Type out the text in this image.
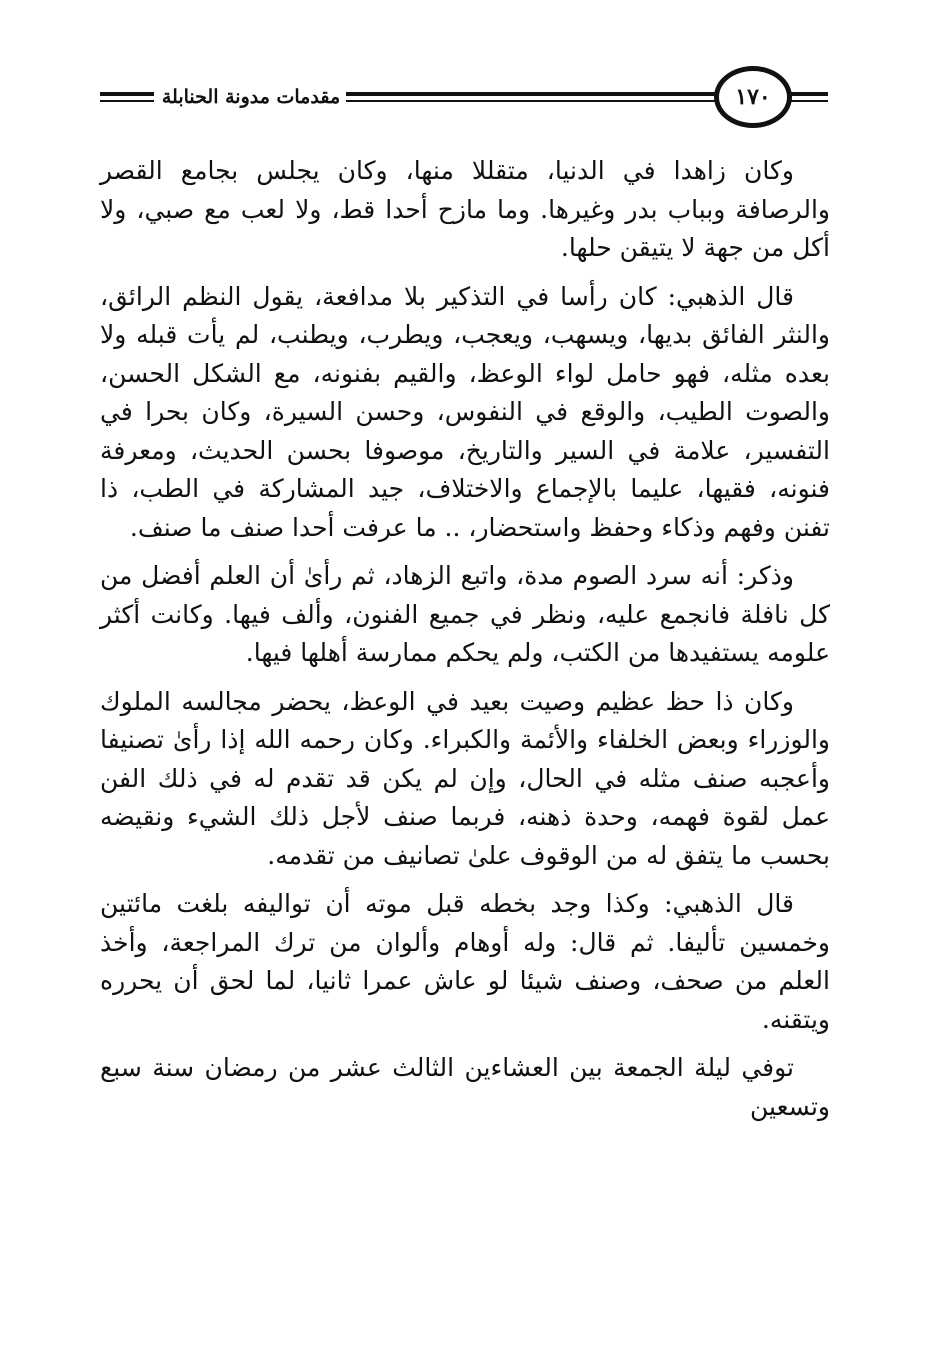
مقدمات مدونة الحنابلة	١٧٠

وكان زاهدا في الدنيا، متقللا منها، وكان يجلس بجامع القصر والرصافة وبباب بدر وغيرها. وما مازح أحدا قط، ولا لعب مع صبي، ولا أكل من جهة لا يتيقن حلها.

قال الذهبي: كان رأسا في التذكير بلا مدافعة، يقول النظم الرائق، والنثر الفائق بديها، ويسهب، ويعجب، ويطرب، ويطنب، لم يأت قبله ولا بعده مثله، فهو حامل لواء الوعظ، والقيم بفنونه، مع الشكل الحسن، والصوت الطيب، والوقع في النفوس، وحسن السيرة، وكان بحرا في التفسير، علامة في السير والتاريخ، موصوفا بحسن الحديث، ومعرفة فنونه، فقيها، عليما بالإجماع والاختلاف، جيد المشاركة في الطب، ذا تفنن وفهم وذكاء وحفظ واستحضار، .. ما عرفت أحدا صنف ما صنف.

وذكر: أنه سرد الصوم مدة، واتبع الزهاد، ثم رأىٰ أن العلم أفضل من كل نافلة فانجمع عليه، ونظر في جميع الفنون، وألف فيها. وكانت أكثر علومه يستفيدها من الكتب، ولم يحكم ممارسة أهلها فيها.

وكان ذا حظ عظيم وصيت بعيد في الوعظ، يحضر مجالسه الملوك والوزراء وبعض الخلفاء والأئمة والكبراء. وكان رحمه الله إذا رأىٰ تصنيفا وأعجبه صنف مثله في الحال، وإن لم يكن قد تقدم له في ذلك الفن عمل لقوة فهمه، وحدة ذهنه، فربما صنف لأجل ذلك الشيء ونقيضه بحسب ما يتفق له من الوقوف علىٰ تصانيف من تقدمه.

قال الذهبي: وكذا وجد بخطه قبل موته أن تواليفه بلغت مائتين وخمسين تأليفا. ثم قال: وله أوهام وألوان من ترك المراجعة، وأخذ العلم من صحف، وصنف شيئا لو عاش عمرا ثانيا، لما لحق أن يحرره ويتقنه.

توفي ليلة الجمعة بين العشاءين الثالث عشر من رمضان سنة سبع وتسعين
